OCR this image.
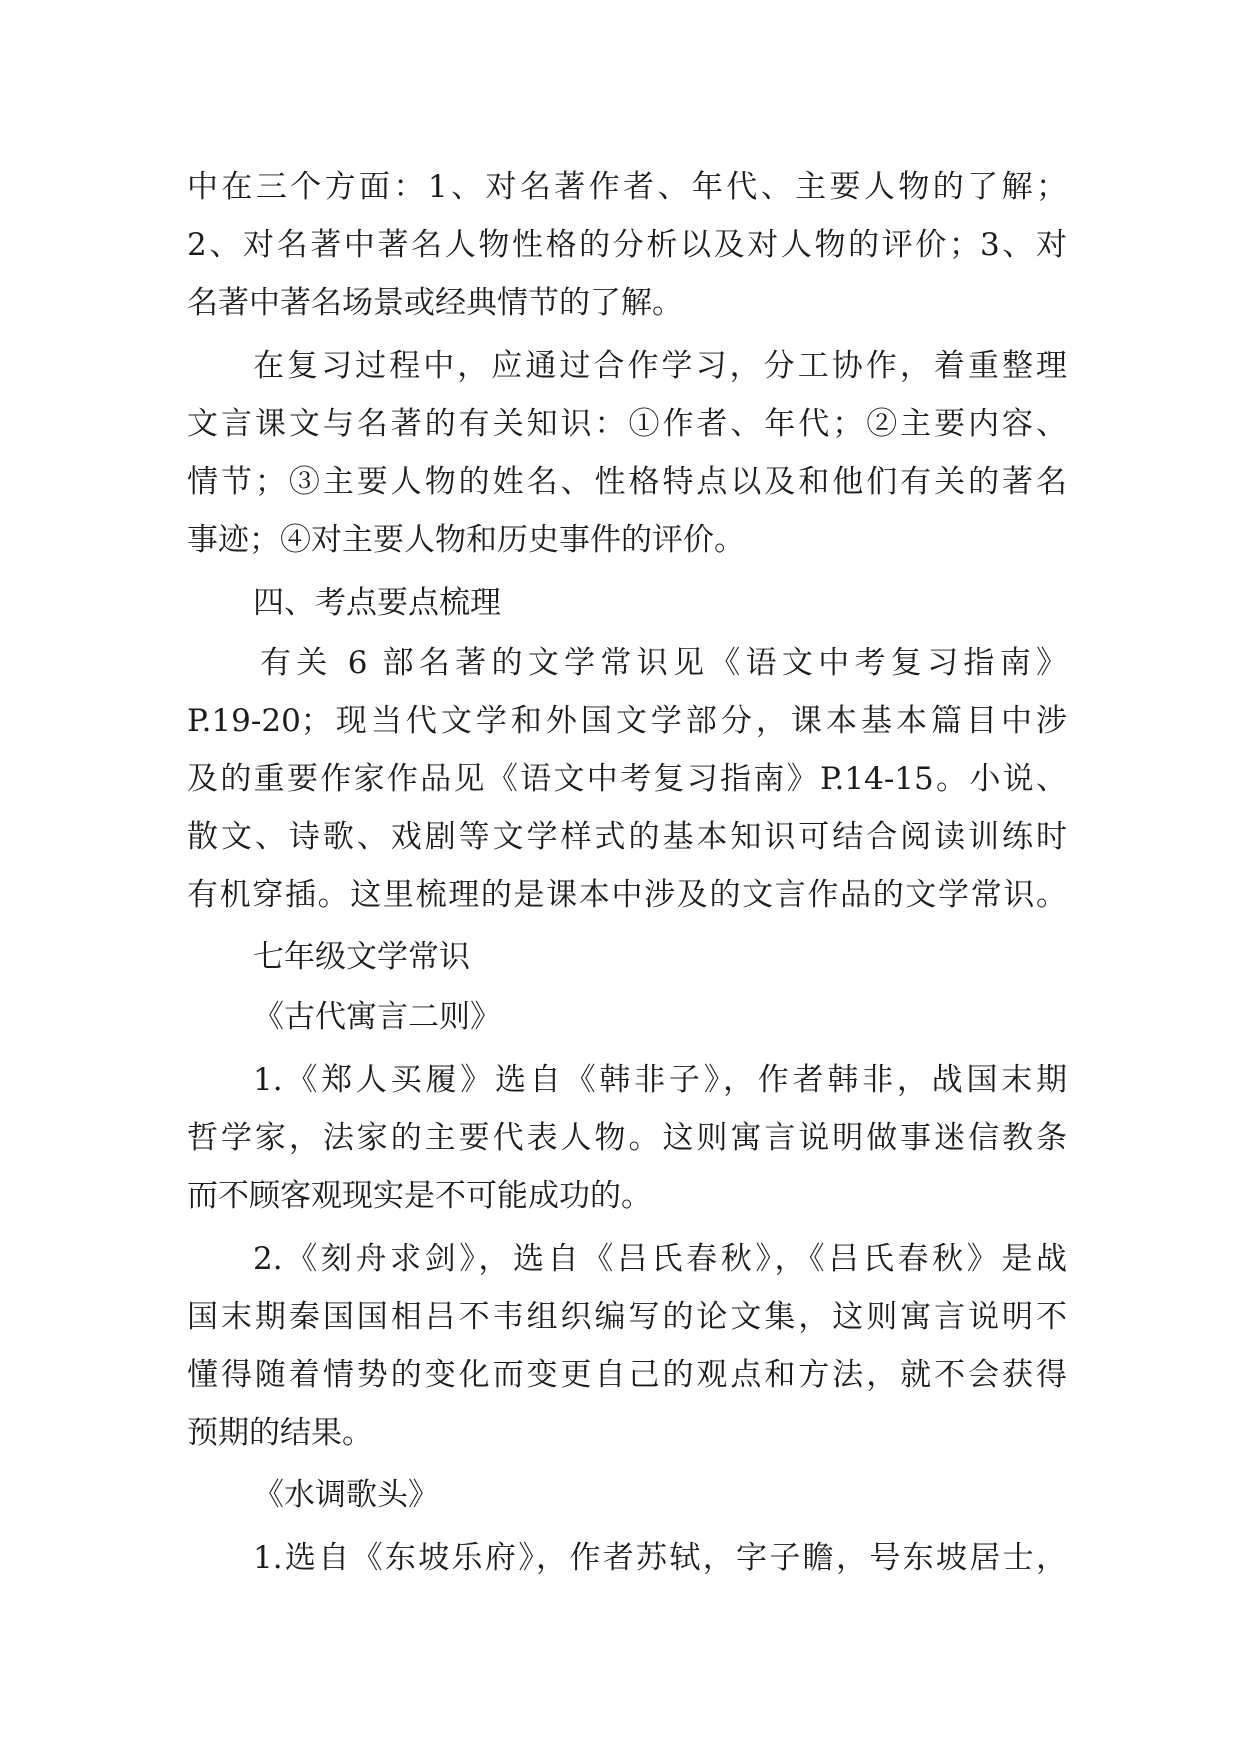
中在三个方面：1、对名著作者、年代、主要人物的了解；
2、对名著中著名人物性格的分析以及对人物的评价；3、对
名著中著名场景或经典情节的了解。
在复习过程中，应通过合作学习，分工协作，着重整理
文言课文与名著的有关知识：①作者、年代；②主要内容、
情节；③主要人物的姓名、性格特点以及和他们有关的著名
事迹；④对主要人物和历史事件的评价。
四、考点要点梳理
有关 6 部名著的文学常识见《语文中考复习指南》
P.19-20；现当代文学和外国文学部分，课本基本篇目中涉
及的重要作家作品见《语文中考复习指南》P.14-15。小说、
散文、诗歌、戏剧等文学样式的基本知识可结合阅读训练时
有机穿插。这里梳理的是课本中涉及的文言作品的文学常识。
七年级文学常识
《古代寓言二则》
1.《郑人买履》选自《韩非子》，作者韩非，战国末期
哲学家，法家的主要代表人物。这则寓言说明做事迷信教条
而不顾客观现实是不可能成功的。
2.《刻舟求剑》，选自《吕氏春秋》，《吕氏春秋》是战
国末期秦国国相吕不韦组织编写的论文集，这则寓言说明不
懂得随着情势的变化而变更自己的观点和方法，就不会获得
预期的结果。
《水调歌头》
1.选自《东坡乐府》，作者苏轼，字子瞻，号东坡居士，
